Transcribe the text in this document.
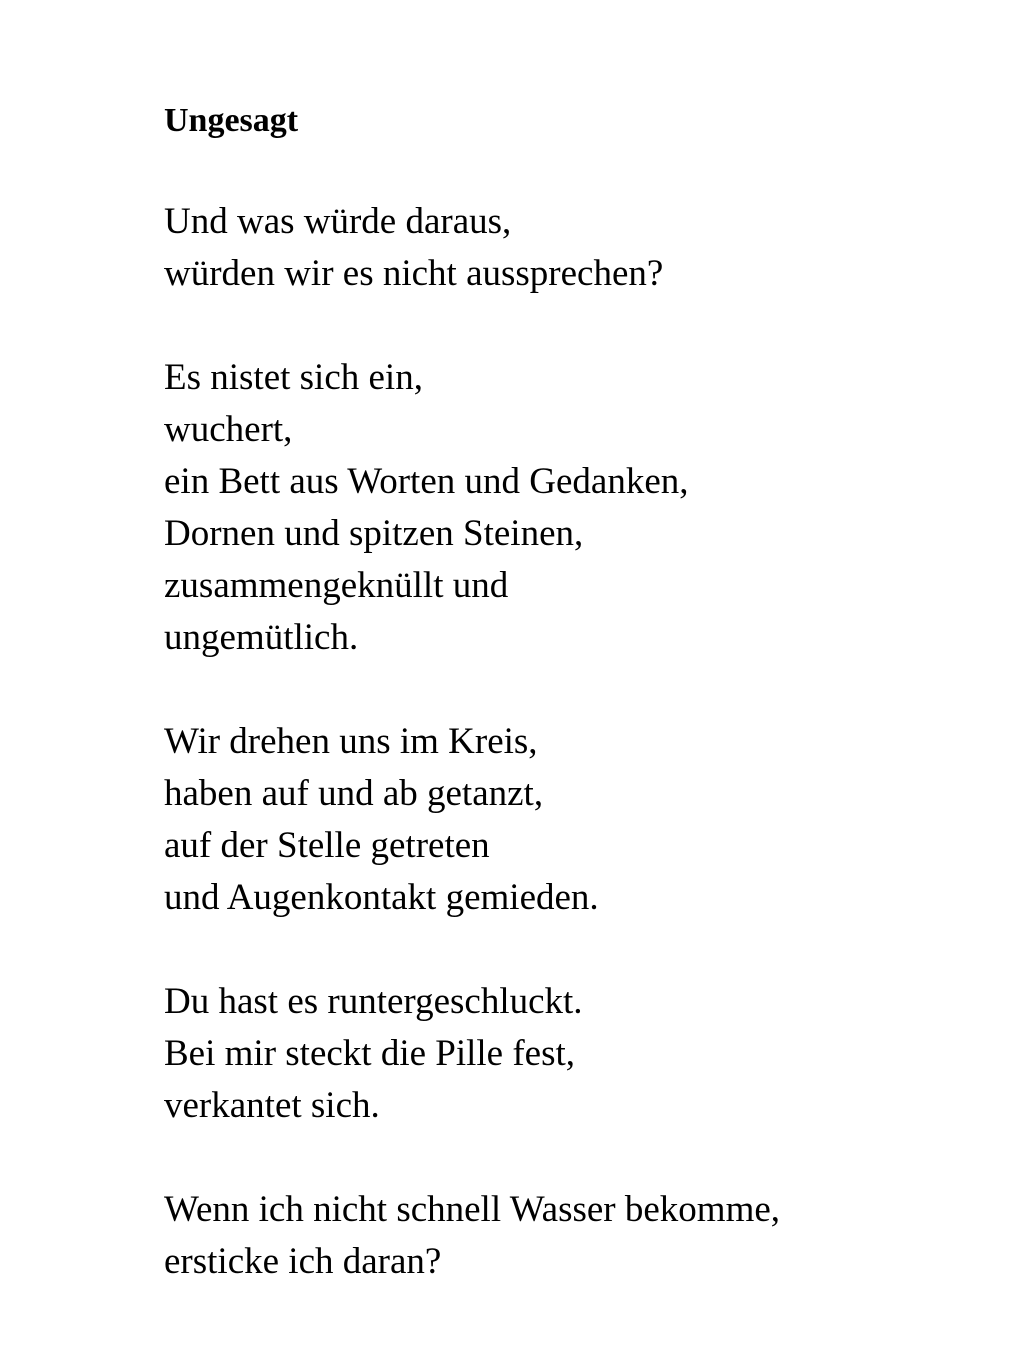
Ungesagt
Und was würde daraus,
würden wir es nicht aussprechen?
Es nistet sich ein,
wuchert,
ein Bett aus Worten und Gedanken,
Dornen und spitzen Steinen,
zusammengeknüllt und
ungemütlich.
Wir drehen uns im Kreis,
haben auf und ab getanzt,
auf der Stelle getreten
und Augenkontakt gemieden.
Du hast es runtergeschluckt.
Bei mir steckt die Pille fest,
verkantet sich.
Wenn ich nicht schnell Wasser bekomme,
ersticke ich daran?
